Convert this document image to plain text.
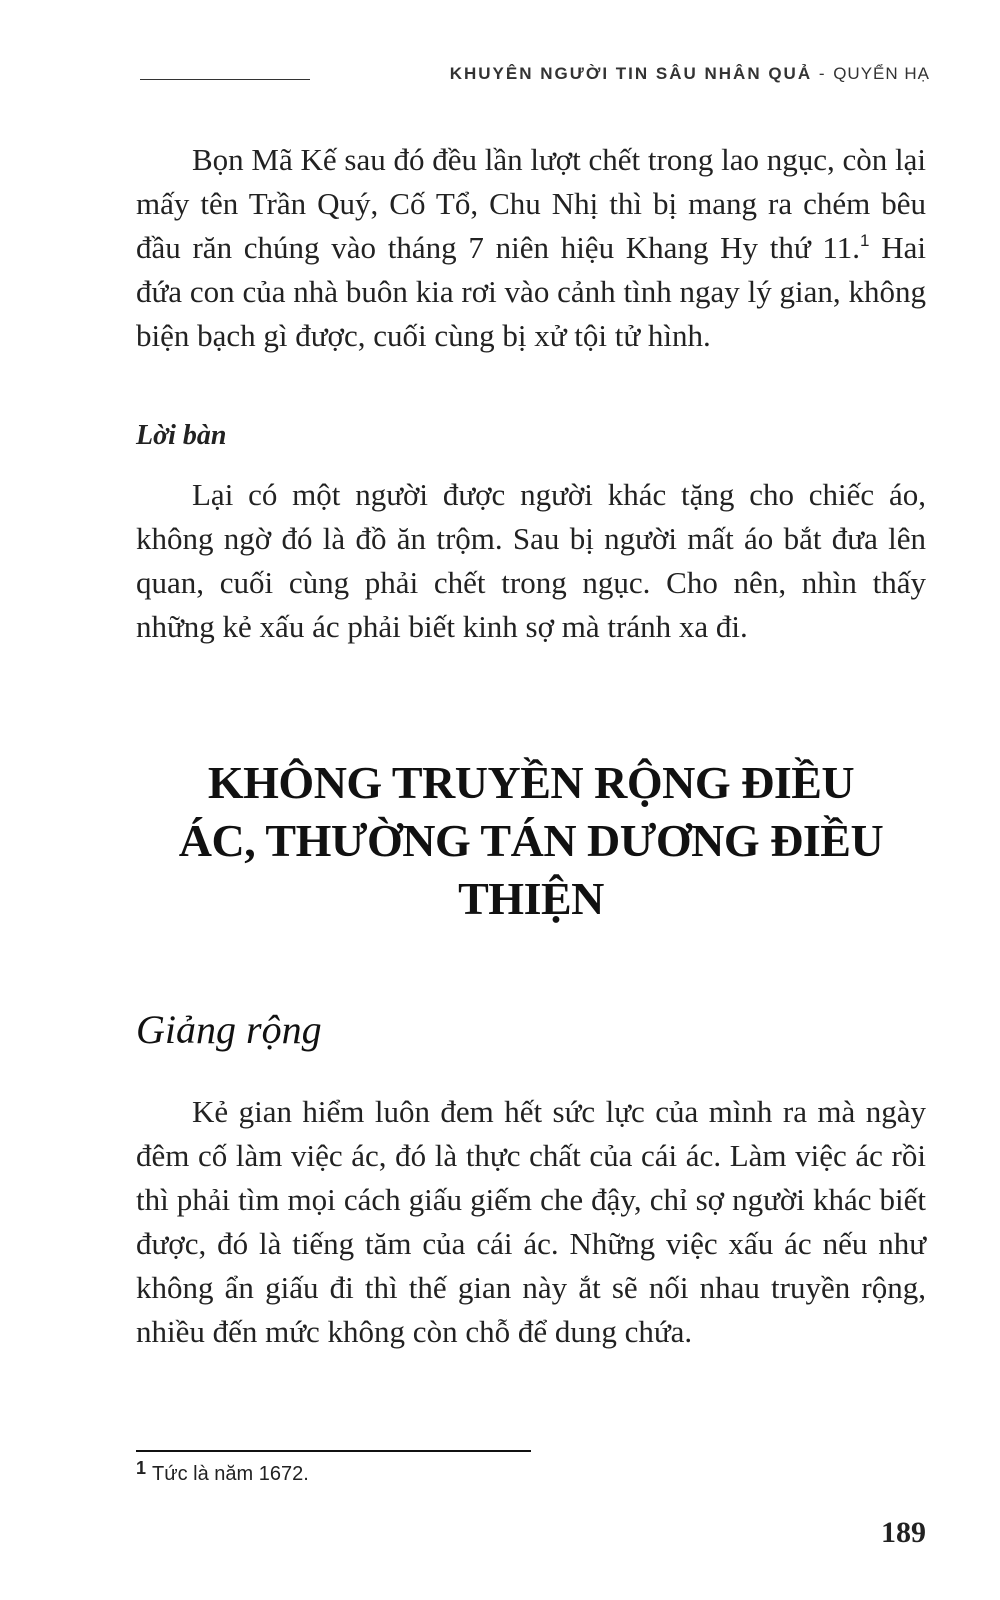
KHUYÊN NGƯỜI TIN SÂU NHÂN QUẢ - QUYỂN HẠ

Bọn Mã Kế sau đó đều lần lượt chết trong lao ngục, còn lại mấy tên Trần Quý, Cố Tổ, Chu Nhị thì bị mang ra chém bêu đầu răn chúng vào tháng 7 niên hiệu Khang Hy thứ 11.$^1$ Hai đứa con của nhà buôn kia rơi vào cảnh tình ngay lý gian, không biện bạch gì được, cuối cùng bị xử tội tử hình.

Lời bàn

Lại có một người được người khác tặng cho chiếc áo, không ngờ đó là đồ ăn trộm. Sau bị người mất áo bắt đưa lên quan, cuối cùng phải chết trong ngục. Cho nên, nhìn thấy những kẻ xấu ác phải biết kinh sợ mà tránh xa đi.

KHÔNG TRUYỀN RỘNG ĐIỀU
ÁC, THƯỜNG TÁN DƯƠNG ĐIỀU
THIỆN
Giảng rộng

Kẻ gian hiểm luôn đem hết sức lực của mình ra mà ngày đêm cố làm việc ác, đó là thực chất của cái ác. Làm việc ác rồi thì phải tìm mọi cách giấu giếm che đậy, chỉ sợ người khác biết được, đó là tiếng tăm của cái ác. Những việc xấu ác nếu như không ẩn giấu đi thì thế gian này ắt sẽ nối nhau truyền rộng, nhiều đến mức không còn chỗ để dung chứa.

1 Tức là năm 1672.
189
